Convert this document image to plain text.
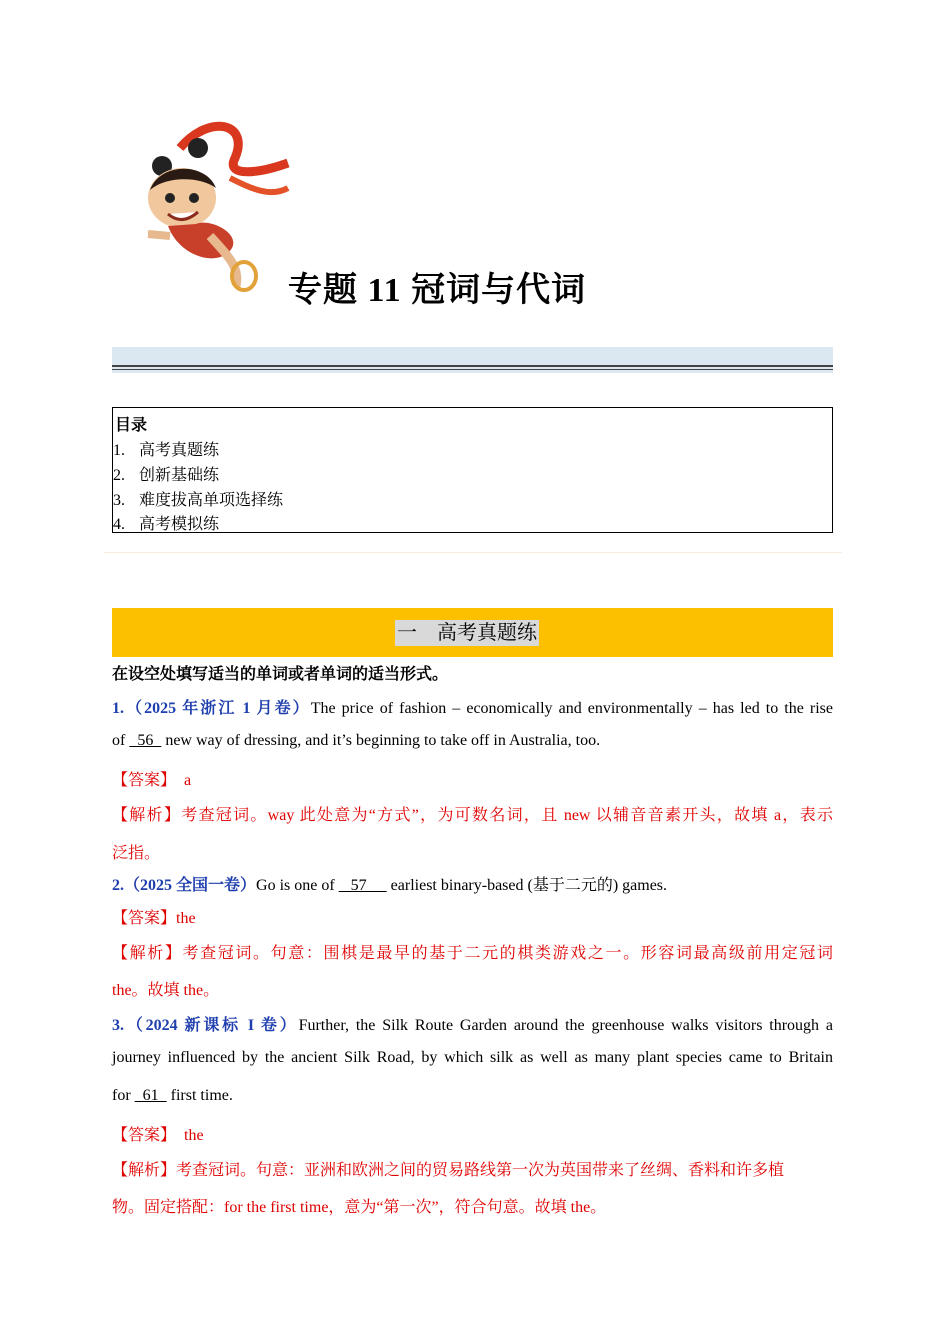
专题 11 冠词与代词
目录
1. 高考真题练
2. 创新基础练
3. 难度拔高单项选择练
4. 高考模拟练
一　高考真题练
在设空处填写适当的单词或者单词的适当形式。
1.（2025 年浙江 1 月卷）The price of fashion – economically and environmentally – has led to the rise
of   56   new way of dressing, and it’s beginning to take off in Australia, too.
【答案】  a
【解析】考查冠词。way 此处意为“方式”，为可数名词，且 new 以辅音音素开头，故填 a，表示
泛指。
2.（2025 全国一卷）Go is one of    57      earliest binary-based (基于二元的) games.
【答案】the
【解析】考查冠词。句意：围棋是最早的基于二元的棋类游戏之一。形容词最高级前用定冠词
the。故填 the。
3.（2024 新课标 I 卷）Further, the Silk Route Garden around the greenhouse walks visitors through a
journey influenced by the ancient Silk Road, by which silk as well as many plant species came to Britain
for   61   first time.
【答案】  the
【解析】考查冠词。句意：亚洲和欧洲之间的贸易路线第一次为英国带来了丝绸、香料和许多植
物。固定搭配：for the first time，意为“第一次”，符合句意。故填 the。
